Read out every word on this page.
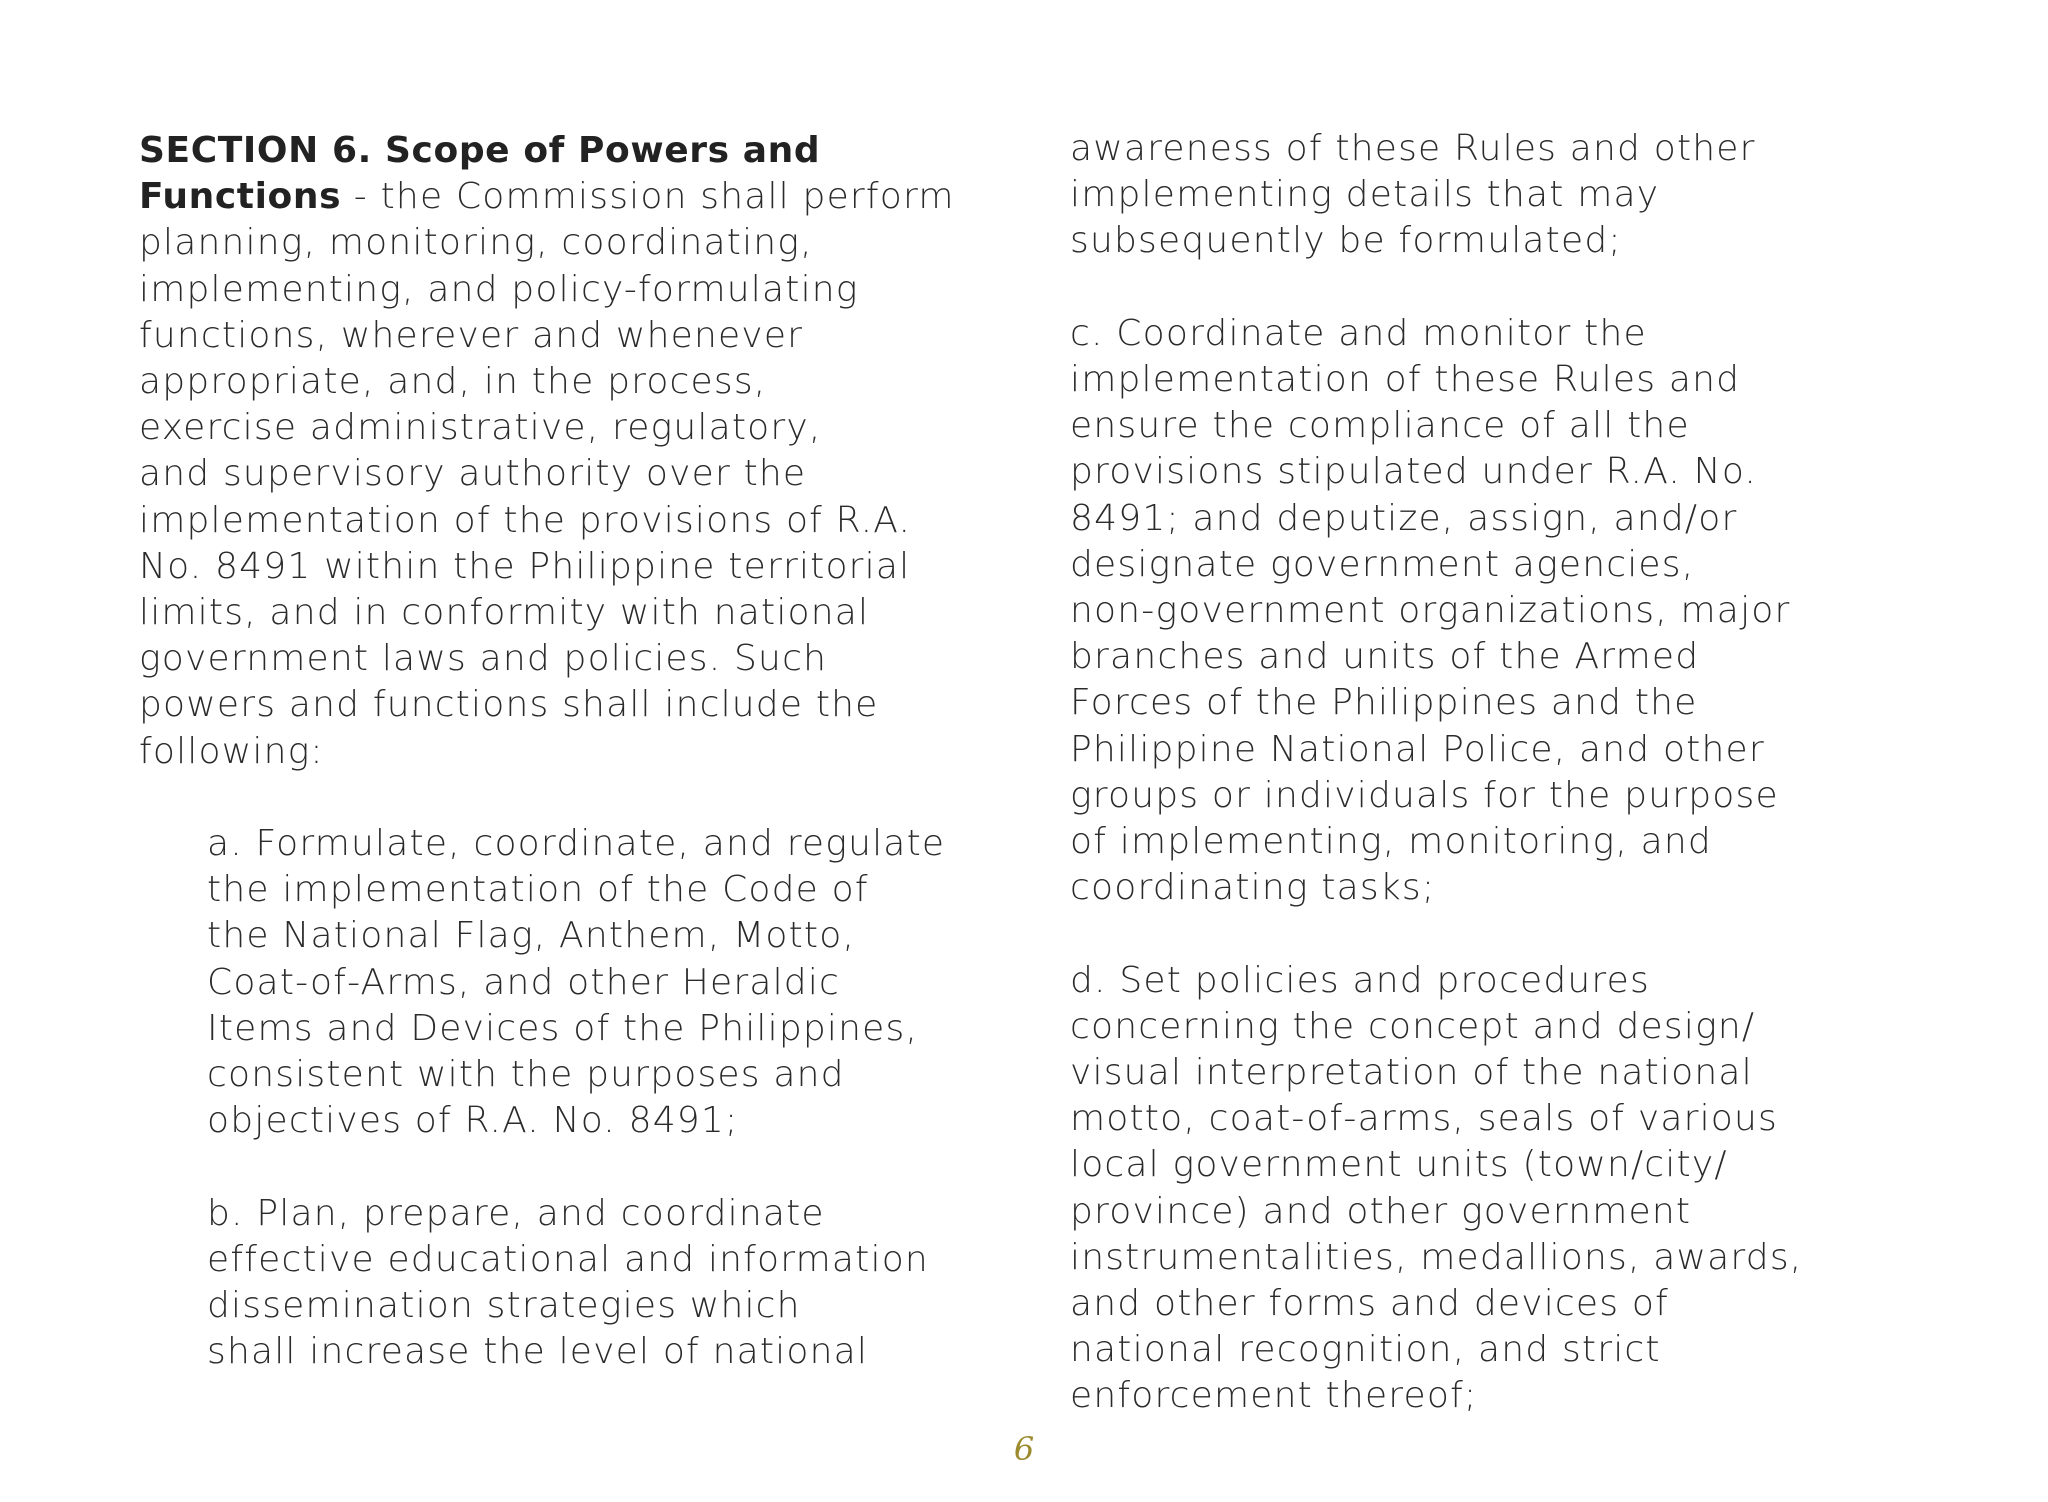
SECTION 6. Scope of Powers and
Functions - the Commission shall perform
planning, monitoring, coordinating,
implementing, and policy-formulating
functions, wherever and whenever
appropriate, and, in the process,
exercise administrative, regulatory,
and supervisory authority over the
implementation of the provisions of R.A.
No. 8491 within the Philippine territorial
limits, and in conformity with national
government laws and policies. Such
powers and functions shall include the
following:

a. Formulate, coordinate, and regulate
the implementation of the Code of
the National Flag, Anthem, Motto,
Coat-of-Arms, and other Heraldic
Items and Devices of the Philippines,
consistent with the purposes and
objectives of R.A. No. 8491;

b. Plan, prepare, and coordinate
effective educational and information
dissemination strategies which
shall increase the level of national

awareness of these Rules and other
implementing details that may
subsequently be formulated;

c. Coordinate and monitor the
implementation of these Rules and
ensure the compliance of all the
provisions stipulated under R.A. No.
8491; and deputize, assign, and/or
designate government agencies,
non-government organizations, major
branches and units of the Armed
Forces of the Philippines and the
Philippine National Police, and other
groups or individuals for the purpose
of implementing, monitoring, and
coordinating tasks;

d. Set policies and procedures
concerning the concept and design/
visual interpretation of the national
motto, coat-of-arms, seals of various
local government units (town/city/
province) and other government
instrumentalities, medallions, awards,
and other forms and devices of
national recognition, and strict
enforcement thereof;

6
